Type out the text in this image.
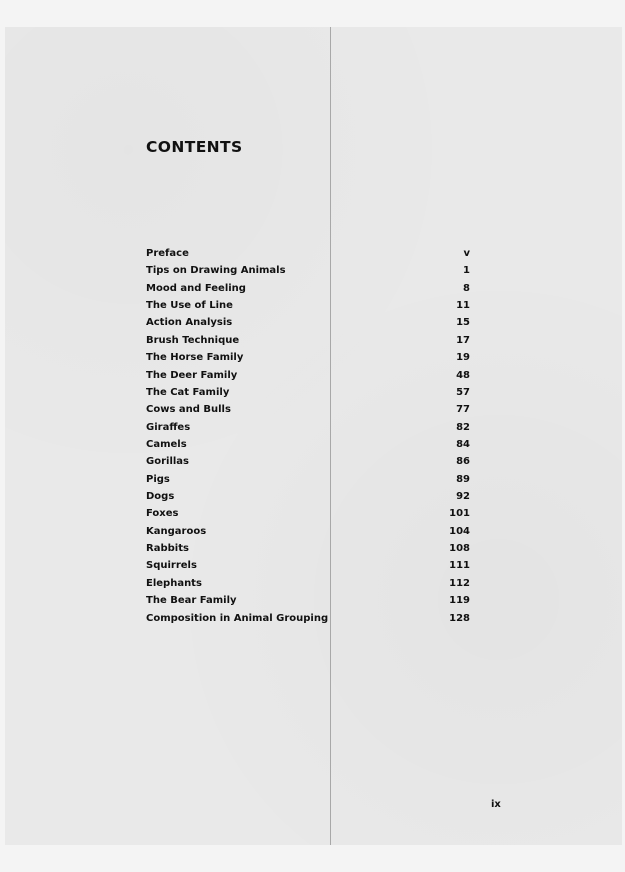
CONTENTS
Preface	v
Tips on Drawing Animals	1
Mood and Feeling	8
The Use of Line	11
Action Analysis	15
Brush Technique	17
The Horse Family	19
The Deer Family	48
The Cat Family	57
Cows and Bulls	77
Giraffes	82
Camels	84
Gorillas	86
Pigs	89
Dogs	92
Foxes	101
Kangaroos	104
Rabbits	108
Squirrels	111
Elephants	112
The Bear Family	119
Composition in Animal Grouping	128

ix
